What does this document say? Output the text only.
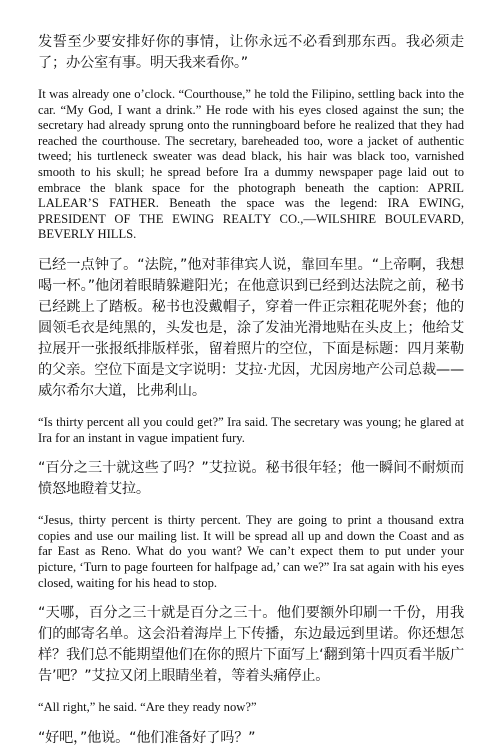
发誓至少要安排好你的事情，让你永远不必看到那东西。我必须走了；办公室有事。明天我来看你。”

It was already one o’clock. “Courthouse,” he told the Filipino, settling back into the car. “My God, I want a drink.” He rode with his eyes closed against the sun; the secretary had already sprung onto the runningboard before he realized that they had reached the courthouse. The secretary, bareheaded too, wore a jacket of authentic tweed; his turtleneck sweater was dead black, his hair was black too, varnished smooth to his skull; he spread before Ira a dummy newspaper page laid out to embrace the blank space for the photograph beneath the caption: APRIL LALEAR’S FATHER. Beneath the space was the legend: IRA EWING, PRESIDENT OF THE EWING REALTY CO.,—WILSHIRE BOULEVARD, BEVERLY HILLS.

已经一点钟了。“法院，”他对菲律宾人说，靠回车里。“上帝啊，我想喝一杯。”他闭着眼睛躲避阳光；在他意识到已经到达法院之前，秘书已经跳上了踏板。秘书也没戴帽子，穿着一件正宗粗花呢外套；他的圆领毛衣是纯黑的，头发也是，涂了发油光滑地贴在头皮上；他给艾拉展开一张报纸排版样张，留着照片的空位，下面是标题：四月莱勒的父亲。空位下面是文字说明：艾拉·尤因，尤因房地产公司总裁——威尔希尔大道，比弗利山。

“Is thirty percent all you could get?” Ira said. The secretary was young; he glared at Ira for an instant in vague impatient fury.

“百分之三十就这些了吗？”艾拉说。秘书很年轻；他一瞬间不耐烦而愤怒地瞪着艾拉。

“Jesus, thirty percent is thirty percent. They are going to print a thousand extra copies and use our mailing list. It will be spread all up and down the Coast and as far East as Reno. What do you want? We can’t expect them to put under your picture, ‘Turn to page fourteen for halfpage ad,’ can we?” Ira sat again with his eyes closed, waiting for his head to stop.

“天哪，百分之三十就是百分之三十。他们要额外印刷一千份，用我们的邮寄名单。这会沿着海岸上下传播，东边最远到里诺。你还想怎样？我们总不能期望他们在你的照片下面写上‘翻到第十四页看半版广告’吧？”艾拉又闭上眼睛坐着，等着头痛停止。

“All right,” he said. “Are they ready now?”

“好吧，”他说。“他们准备好了吗？”
